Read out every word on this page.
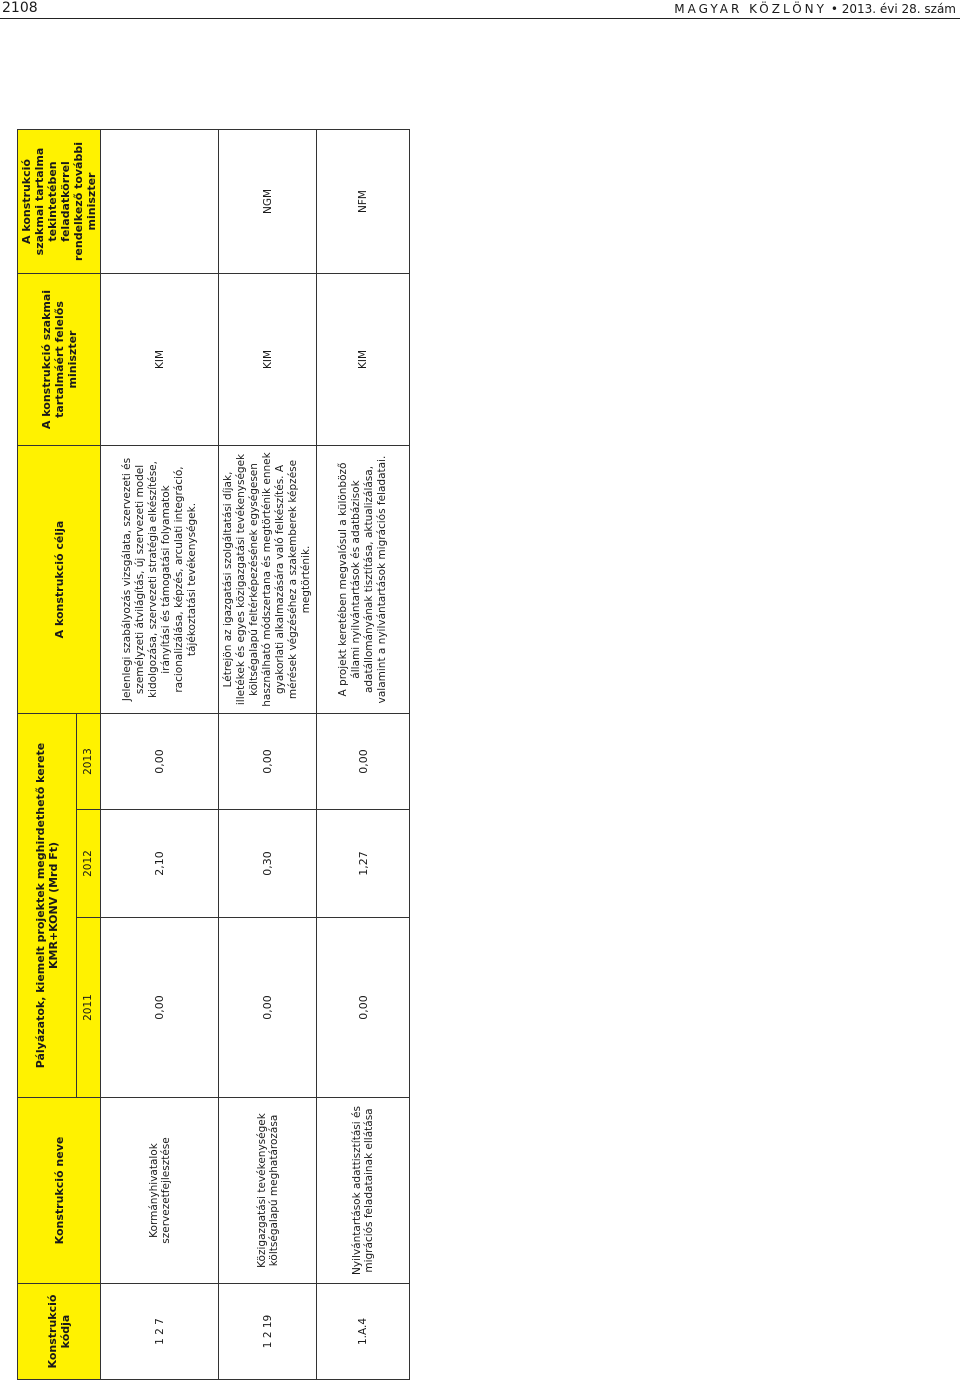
2108	MAGYAR KÖZLÖNY • 2013. évi 28. szám
Konstrukció kódja	Konstrukció neve	Pályázatok, kiemelt projektek meghirdethető kerete KMR+KONV (Mrd Ft)			A konstrukció célja	A konstrukció szakmai tartalmáért felelős miniszter	A konstrukció szakmai tartalma tekintetében feladatkörrel rendelkező további miniszter
		2011	2012	2013			
1 2 7	Kormányhivatalok szervezetfejlesztése	0,00	2,10	0,00	Jelenlegi szabályozás vizsgálata, szervezeti és személyzeti átvilágítás, új szervezeti model kidolgozása, szervezeti stratégia elkészítése, irányítási és támogatási folyamatok racionalizálása, képzés, arculati integráció, tájékoztatási tevékenységek.	KIM	
1 2 19	Közigazgatási tevékenységek költségalapú meghatározása	0,00	0,30	0,00	Létrejön az igazgatási szolgáltatási díjak, illetékek és egyes közigazgatási tevékenységek költségalapú feltérképezésének egységesen használható módszertana és megtörténik ennek gyakorlati alkalmazására való felkészítés. A mérések végzéséhez a szakemberek képzése megtörténik.	KIM	NGM
1.A.4	Nyilvántartások adattisztítási és migrációs feladatainak ellátása	0,00	1,27	0,00	A projekt keretében megvalósul a különböző állami nyilvántartások és adatbázisok adatállományának tisztítása, aktualizálása, valamint a nyilvántartások migrációs feladatai.	KIM	NFM
